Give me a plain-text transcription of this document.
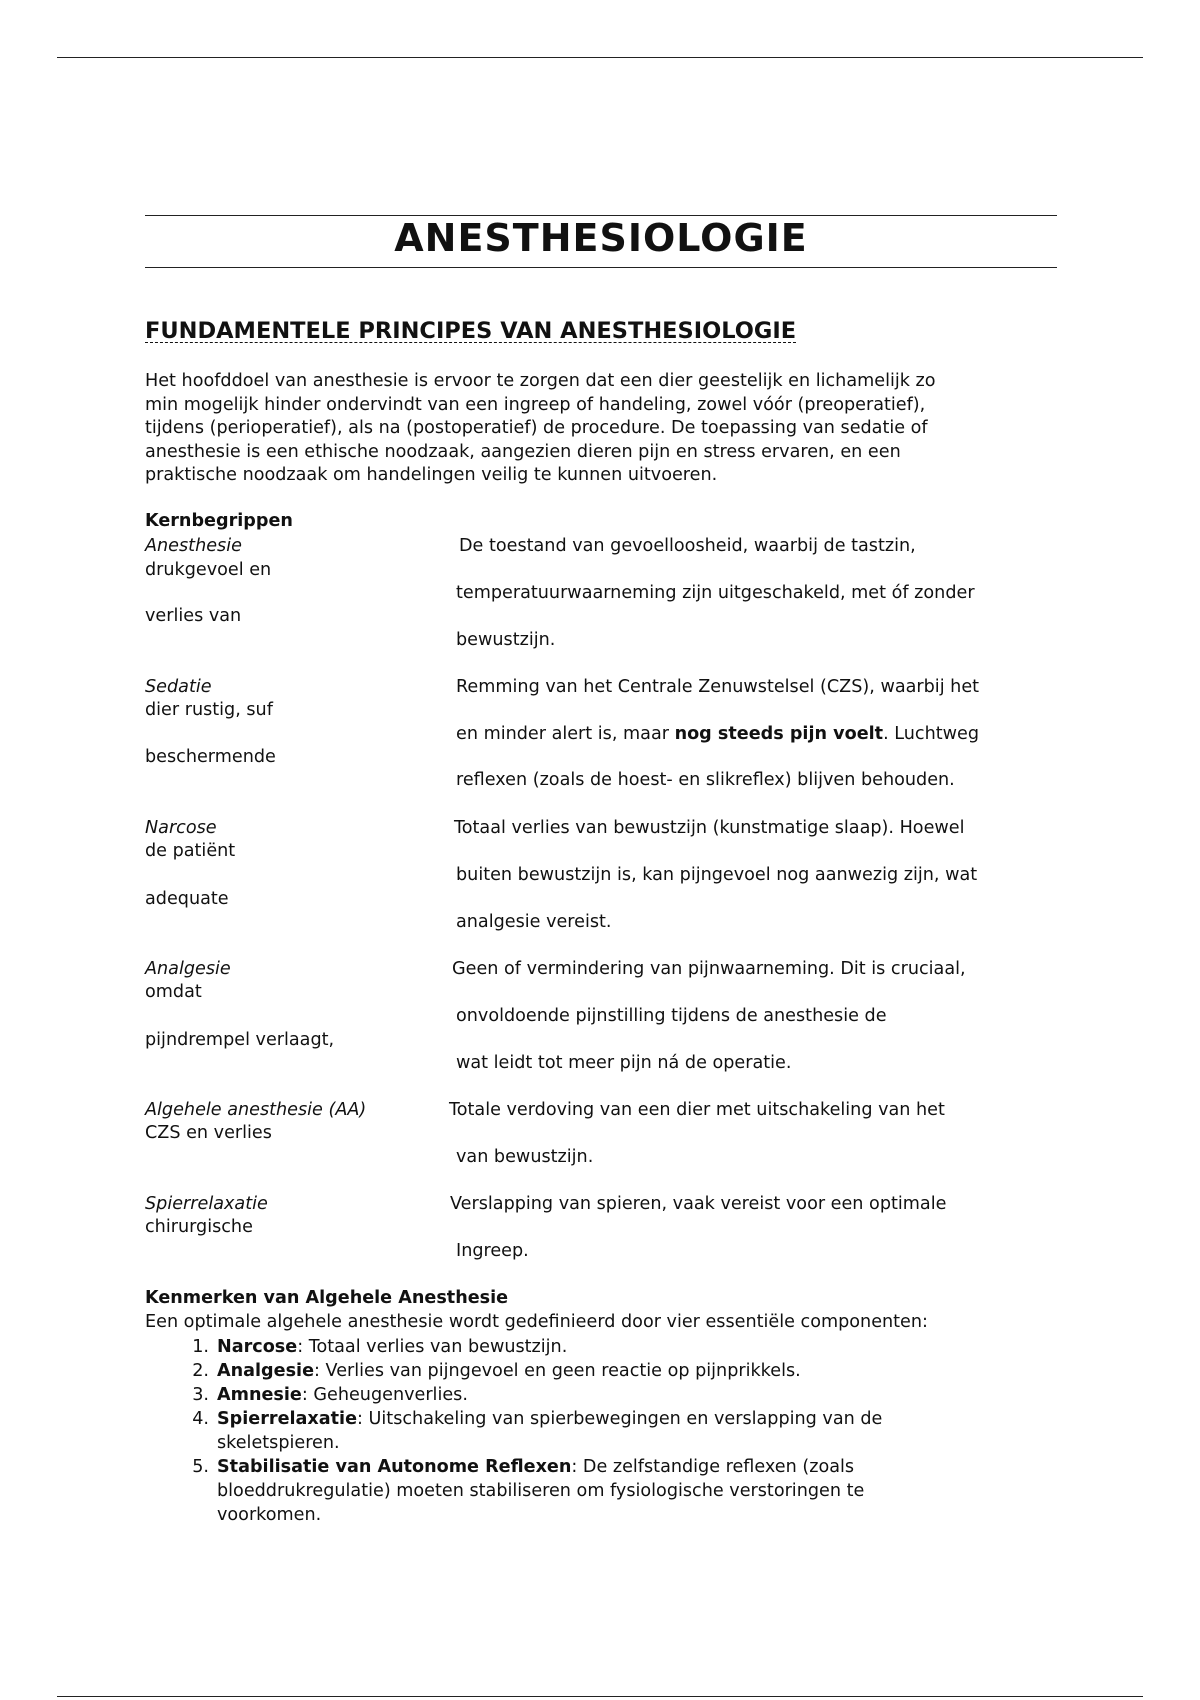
ANESTHESIOLOGIE
FUNDAMENTELE PRINCIPES VAN ANESTHESIOLOGIE
Het hoofddoel van anesthesie is ervoor te zorgen dat een dier geestelijk en lichamelijk zo
min mogelijk hinder ondervindt van een ingreep of handeling, zowel vóór (preoperatief),
tijdens (perioperatief), als na (postoperatief) de procedure. De toepassing van sedatie of
anesthesie is een ethische noodzaak, aangezien dieren pijn en stress ervaren, en een
praktische noodzaak om handelingen veilig te kunnen uitvoeren.
Kernbegrippen
Anesthesie
drukgevoel en
verlies van
De toestand van gevoelloosheid, waarbij de tastzin,
temperatuurwaarneming zijn uitgeschakeld, met óf zonder
bewustzijn.
Sedatie
dier rustig, suf
beschermende
Remming van het Centrale Zenuwstelsel (CZS), waarbij het
en minder alert is, maar nog steeds pijn voelt. Luchtweg
reflexen (zoals de hoest- en slikreflex) blijven behouden.
Narcose
de patiënt
adequate
Totaal verlies van bewustzijn (kunstmatige slaap). Hoewel
buiten bewustzijn is, kan pijngevoel nog aanwezig zijn, wat
analgesie vereist.
Analgesie
omdat
pijndrempel verlaagt,
Geen of vermindering van pijnwaarneming. Dit is cruciaal,
onvoldoende pijnstilling tijdens de anesthesie de
wat leidt tot meer pijn ná de operatie.
Algehele anesthesie (AA)
CZS en verlies
Totale verdoving van een dier met uitschakeling van het
van bewustzijn.
Spierrelaxatie
chirurgische
Verslapping van spieren, vaak vereist voor een optimale
Ingreep.
Kenmerken van Algehele Anesthesie
Een optimale algehele anesthesie wordt gedefinieerd door vier essentiële componenten:
1. Narcose: Totaal verlies van bewustzijn.
2. Analgesie: Verlies van pijngevoel en geen reactie op pijnprikkels.
3. Amnesie: Geheugenverlies.
4. Spierrelaxatie: Uitschakeling van spierbewegingen en verslapping van de
skeletspieren.
5. Stabilisatie van Autonome Reflexen: De zelfstandige reflexen (zoals
bloeddrukregulatie) moeten stabiliseren om fysiologische verstoringen te
voorkomen.
